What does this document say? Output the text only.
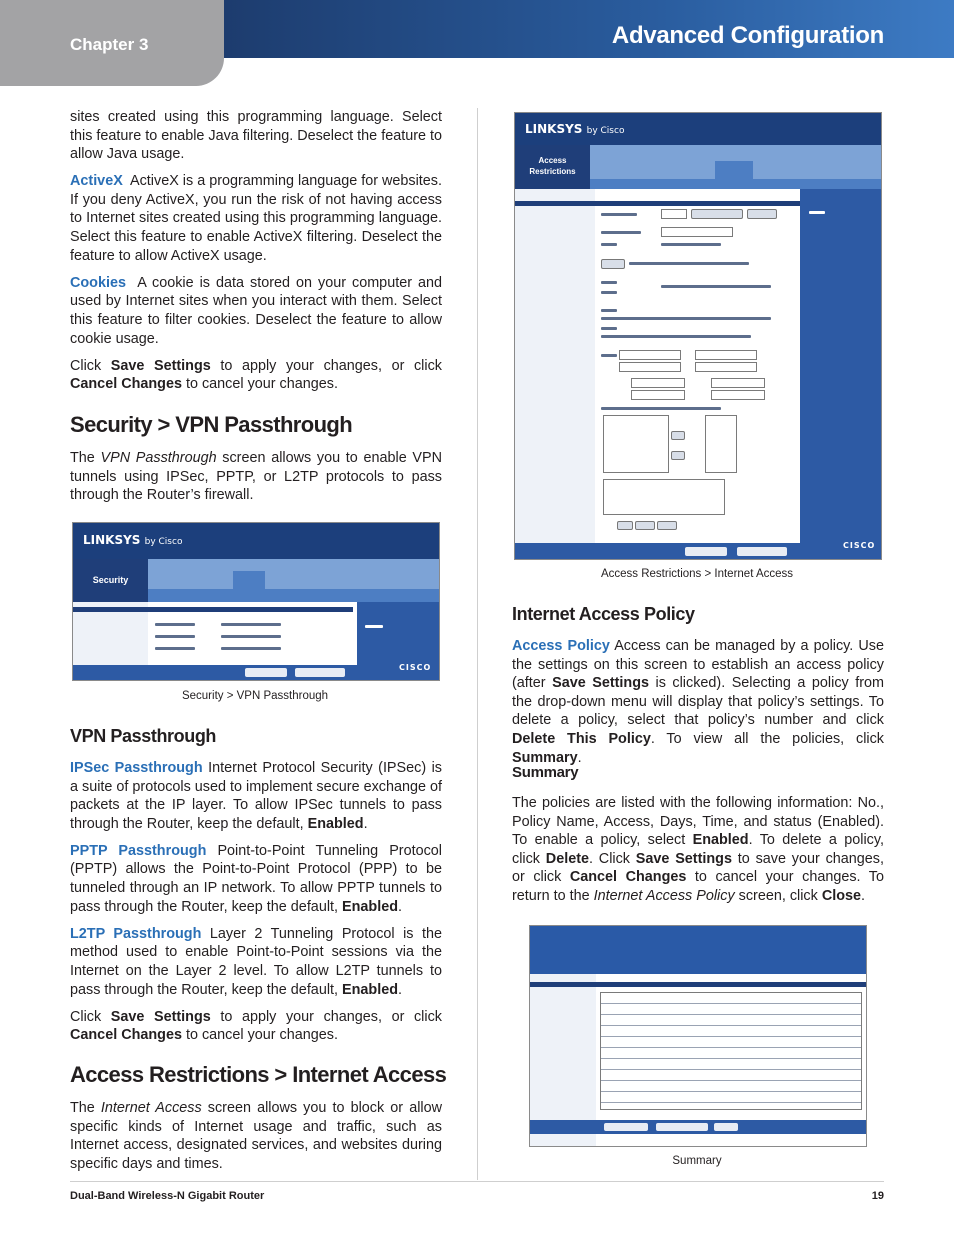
Chapter 3	Advanced Configuration

sites created using this programming language. Select this feature to enable Java filtering. Deselect the feature to allow Java usage.

ActiveX ActiveX is a programming language for websites. If you deny ActiveX, you run the risk of not having access to Internet sites created using this programming language. Select this feature to enable ActiveX filtering. Deselect the feature to allow ActiveX usage.

Cookies A cookie is data stored on your computer and used by Internet sites when you interact with them. Select this feature to filter cookies. Deselect the feature to allow cookie usage.

Click Save Settings to apply your changes, or click Cancel Changes to cancel your changes.

Security > VPN Passthrough

The VPN Passthrough screen allows you to enable VPN tunnels using IPSec, PPTP, or L2TP protocols to pass through the Router’s firewall.

LINKSYS by Cisco
Security
CISCO
Security > VPN Passthrough
VPN Passthrough

IPSec Passthrough Internet Protocol Security (IPSec) is a suite of protocols used to implement secure exchange of packets at the IP layer. To allow IPSec tunnels to pass through the Router, keep the default, Enabled.

PPTP Passthrough Point-to-Point Tunneling Protocol (PPTP) allows the Point-to-Point Protocol (PPP) to be tunneled through an IP network. To allow PPTP tunnels to pass through the Router, keep the default, Enabled.

L2TP Passthrough Layer 2 Tunneling Protocol is the method used to enable Point-to-Point sessions via the Internet on the Layer 2 level. To allow L2TP tunnels to pass through the Router, keep the default, Enabled.

Click Save Settings to apply your changes, or click Cancel Changes to cancel your changes.

Access Restrictions > Internet Access

The Internet Access screen allows you to block or allow specific kinds of Internet usage and traffic, such as Internet access, designated services, and websites during specific days and times.

LINKSYS by Cisco
Access Restrictions
CISCO
Access Restrictions > Internet Access
Internet Access Policy

Access Policy Access can be managed by a policy. Use the settings on this screen to establish an access policy (after Save Settings is clicked). Selecting a policy from the drop-down menu will display that policy’s settings. To delete a policy, select that policy’s number and click Delete This Policy. To view all the policies, click Summary.

Summary

The policies are listed with the following information: No., Policy Name, Access, Days, Time, and status (Enabled). To enable a policy, select Enabled. To delete a policy, click Delete. Click Save Settings to save your changes, or click Cancel Changes to cancel your changes. To return to the Internet Access Policy screen, click Close.

Summary
Dual-Band Wireless-N Gigabit Router	19
